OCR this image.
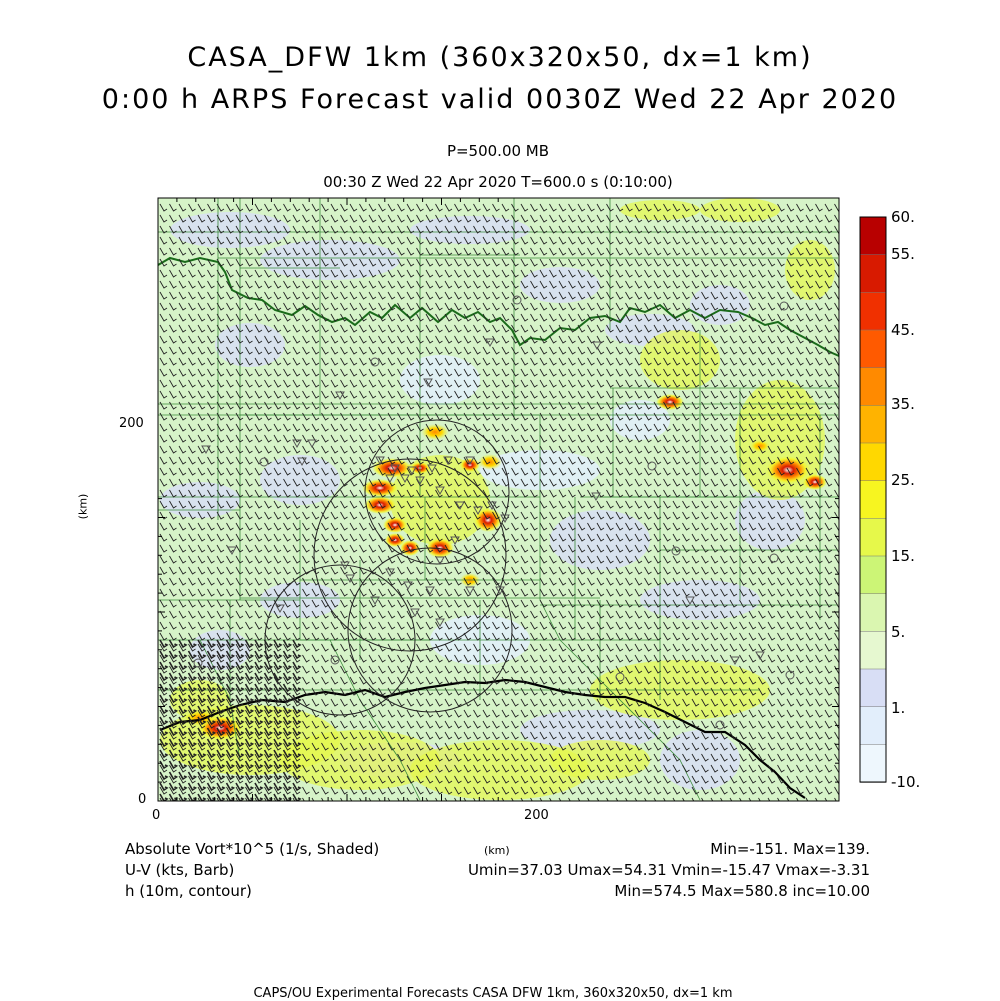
CASA_DFW 1km (360x320x50, dx=1 km)
0:00 h ARPS Forecast valid 0030Z Wed 22 Apr 2020
P=500.00 MB
00:30 Z Wed 22 Apr 2020 T=600.0 s (0:10:00)
60.
55.
45.
35.
25.
15.
5.
1.
-10.
0	200
0
200
(km)
(km)
Absolute Vort*10^5 (1/s, Shaded)	Min=-151. Max=139.
U-V (kts, Barb)	Umin=37.03 Umax=54.31 Vmin=-15.47 Vmax=-3.31
h (10m, contour)	Min=574.5 Max=580.8 inc=10.00
CAPS/OU Experimental Forecasts CASA DFW 1km, 360x320x50, dx=1 km
